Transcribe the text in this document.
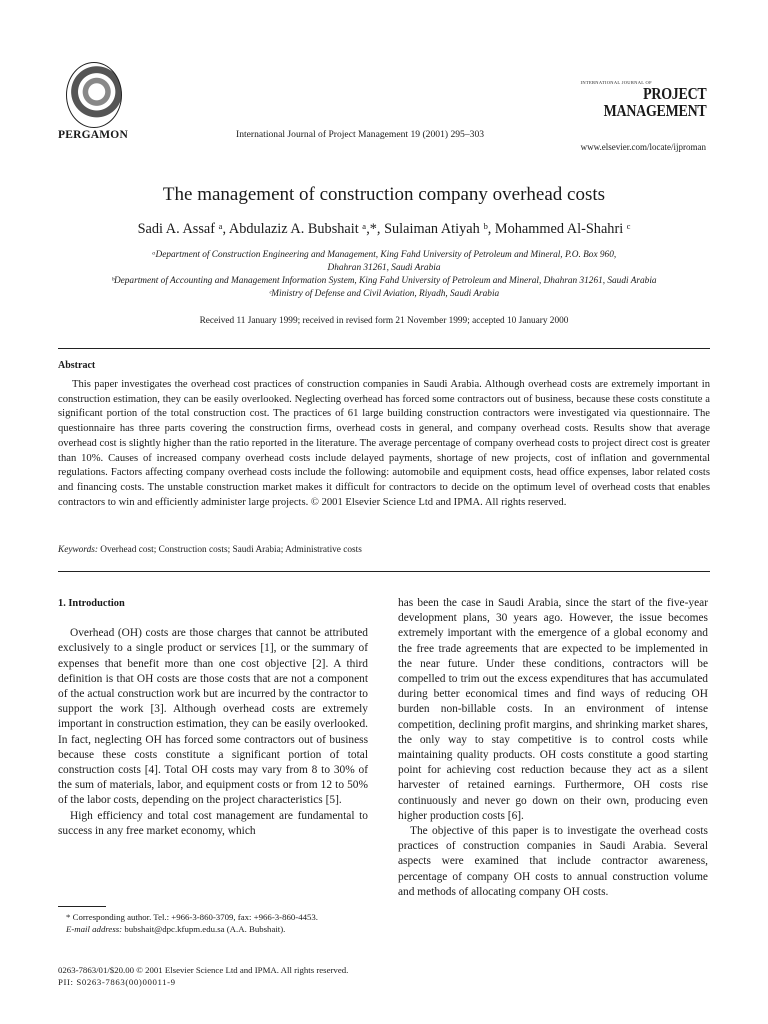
PERGAMON	International Journal of Project Management 19 (2001) 295–303
INTERNATIONAL JOURNAL OF
PROJECT
MANAGEMENT
www.elsevier.com/locate/ijproman
The management of construction company overhead costs
Sadi A. Assaf ᵃ, Abdulaziz A. Bubshait ᵃ,*, Sulaiman Atiyah ᵇ, Mohammed Al-Shahri ᶜ
ᵃDepartment of Construction Engineering and Management, King Fahd University of Petroleum and Mineral, P.O. Box 960,
Dhahran 31261, Saudi Arabia
ᵇDepartment of Accounting and Management Information System, King Fahd University of Petroleum and Mineral, Dhahran 31261, Saudi Arabia
ᶜMinistry of Defense and Civil Aviation, Riyadh, Saudi Arabia
Received 11 January 1999; received in revised form 21 November 1999; accepted 10 January 2000
Abstract
This paper investigates the overhead cost practices of construction companies in Saudi Arabia. Although overhead costs are extremely important in construction estimation, they can be easily overlooked. Neglecting overhead has forced some contractors out of business, because these costs constitute a significant portion of the total construction cost. The practices of 61 large building construction contractors were investigated via questionnaire. The questionnaire has three parts covering the construction firms, overhead costs in general, and company overhead costs. Results show that average overhead cost is slightly higher than the ratio reported in the literature. The average percentage of company overhead costs to project direct cost is greater than 10%. Causes of increased company overhead costs include delayed payments, shortage of new projects, cost of inflation and governmental regulations. Factors affecting company overhead costs include the following: automobile and equipment costs, head office expenses, labor related costs and financing costs. The unstable construction market makes it difficult for contractors to decide on the optimum level of overhead costs that enables contractors to win and efficiently administer large projects. © 2001 Elsevier Science Ltd and IPMA. All rights reserved.
Keywords: Overhead cost; Construction costs; Saudi Arabia; Administrative costs
1. Introduction

Overhead (OH) costs are those charges that cannot be attributed exclusively to a single product or services [1], or the summary of expenses that benefit more than one cost objective [2]. A third definition is that OH costs are those costs that are not a component of the actual construction work but are incurred by the contractor to support the work [3]. Although overhead costs are extremely important in construction estimation, they can be easily overlooked. In fact, neglecting OH has forced some contractors out of business because these costs constitute a significant portion of total construction costs [4]. Total OH costs may vary from 8 to 30% of the sum of materials, labor, and equipment costs or from 12 to 50% of the labor costs, depending on the project characteristics [5].

High efficiency and total cost management are fundamental to success in any free market economy, which

has been the case in Saudi Arabia, since the start of the five-year development plans, 30 years ago. However, the issue becomes extremely important with the emergence of a global economy and the free trade agreements that are expected to be implemented in the near future. Under these conditions, contractors will be compelled to trim out the excess expenditures that has accumulated during better economical times and find ways of reducing OH burden non-billable costs. In an environment of intense competition, declining profit margins, and shrinking market shares, the only way to stay competitive is to control costs while maintaining quality products. OH costs constitute a good starting point for achieving cost reduction because they act as a silent harvester of retained earnings. Furthermore, OH costs rise continuously and never go down on their own, producing even higher production costs [6].

The objective of this paper is to investigate the overhead costs practices of construction companies in Saudi Arabia. Several aspects were examined that include contractor awareness, percentage of company OH costs to annual construction volume and methods of allocating company OH costs.

* Corresponding author. Tel.: +966-3-860-3709, fax: +966-3-860-4453.

E-mail address: bubshait@dpc.kfupm.edu.sa (A.A. Bubshait).

0263-7863/01/$20.00 © 2001 Elsevier Science Ltd and IPMA. All rights reserved.
PII: S0263-7863(00)00011-9
